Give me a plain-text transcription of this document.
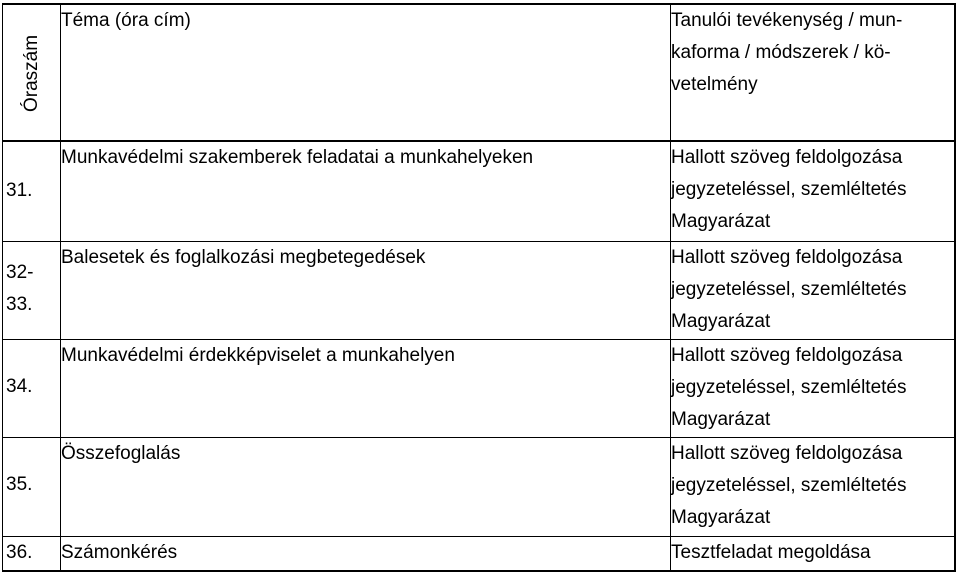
Óraszám	Téma (óra cím)	Tanulói tevékenység / mun-
kaforma / módszerek / kö-
vetelmény

31.	Munkavédelmi szakemberek feladatai a munkahelyeken	Hallott szöveg feldolgozása
jegyzeteléssel, szemléltetés
Magyarázat

32-
33.	Balesetek és foglalkozási megbetegedések	Hallott szöveg feldolgozása
jegyzeteléssel, szemléltetés
Magyarázat

34.	Munkavédelmi érdekképviselet a munkahelyen	Hallott szöveg feldolgozása
jegyzeteléssel, szemléltetés
Magyarázat

35.	Összefoglalás	Hallott szöveg feldolgozása
jegyzeteléssel, szemléltetés
Magyarázat

36.	Számonkérés	Tesztfeladat megoldása
